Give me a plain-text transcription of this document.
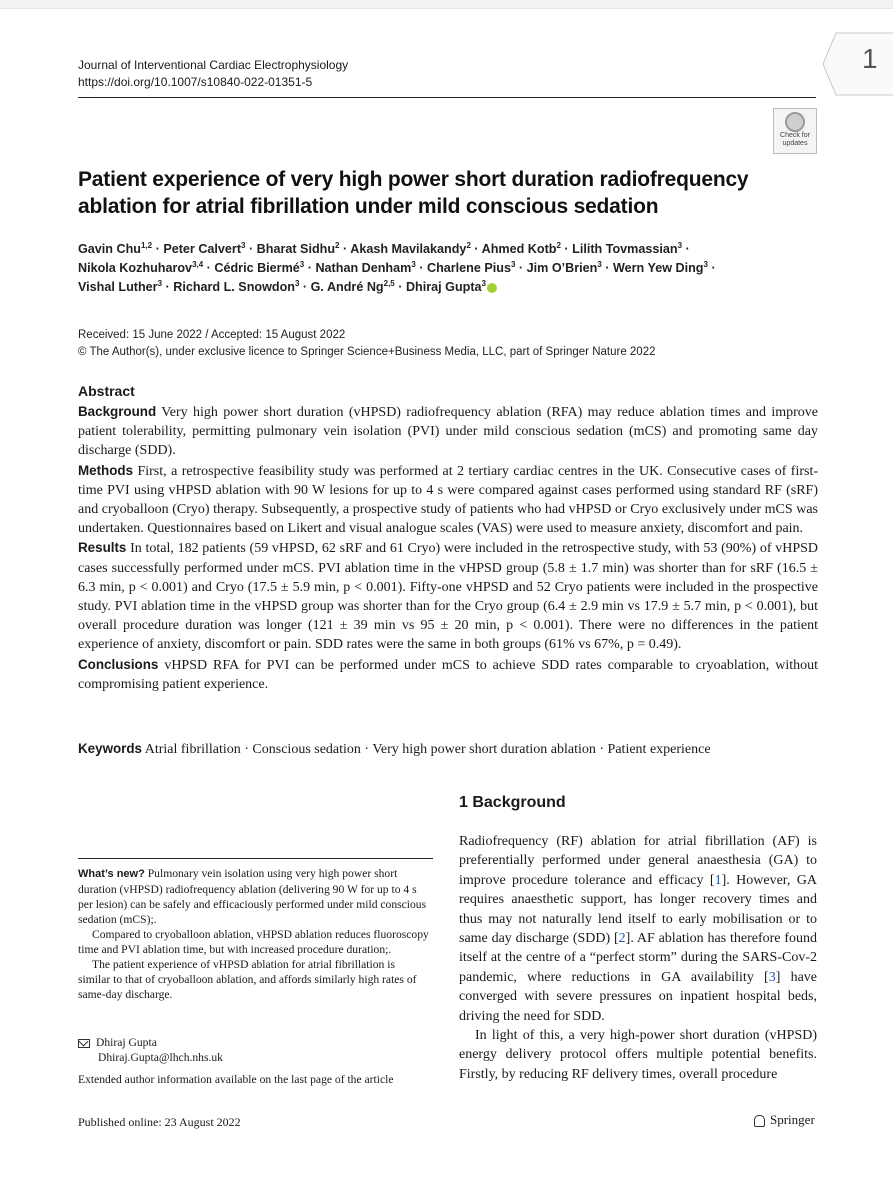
Journal of Interventional Cardiac Electrophysiology
https://doi.org/10.1007/s10840-022-01351-5
1
Check for updates
Patient experience of very high power short duration radiofrequency ablation for atrial fibrillation under mild conscious sedation
Gavin Chu$^{1,2}$ · Peter Calvert$^3$ · Bharat Sidhu$^2$ · Akash Mavilakandy$^2$ · Ahmed Kotb$^2$ · Lilith Tovmassian$^3$ ·
Nikola Kozhuharov$^{3,4}$ · Cédric Biermé$^3$ · Nathan Denham$^3$ · Charlene Pius$^3$ · Jim O’Brien$^3$ · Wern Yew Ding$^3$ ·
Vishal Luther$^3$ · Richard L. Snowdon$^3$ · G. André Ng$^{2,5}$ · Dhiraj Gupta$^3$
Received: 15 June 2022 / Accepted: 15 August 2022
© The Author(s), under exclusive licence to Springer Science+Business Media, LLC, part of Springer Nature 2022
Abstract

Background Very high power short duration (vHPSD) radiofrequency ablation (RFA) may reduce ablation times and improve patient tolerability, permitting pulmonary vein isolation (PVI) under mild conscious sedation (mCS) and promoting same day discharge (SDD).

Methods First, a retrospective feasibility study was performed at 2 tertiary cardiac centres in the UK. Consecutive cases of first-time PVI using vHPSD ablation with 90 W lesions for up to 4 s were compared against cases performed using standard RF (sRF) and cryoballoon (Cryo) therapy. Subsequently, a prospective study of patients who had vHPSD or Cryo exclusively under mCS was undertaken. Questionnaires based on Likert and visual analogue scales (VAS) were used to measure anxiety, discomfort and pain.

Results In total, 182 patients (59 vHPSD, 62 sRF and 61 Cryo) were included in the retrospective study, with 53 (90%) of vHPSD cases successfully performed under mCS. PVI ablation time in the vHPSD group (5.8 ± 1.7 min) was shorter than for sRF (16.5 ± 6.3 min, p < 0.001) and Cryo (17.5 ± 5.9 min, p < 0.001). Fifty-one vHPSD and 52 Cryo patients were included in the prospective study. PVI ablation time in the vHPSD group was shorter than for the Cryo group (6.4 ± 2.9 min vs 17.9 ± 5.7 min, p < 0.001), but overall procedure duration was longer (121 ± 39 min vs 95 ± 20 min, p < 0.001). There were no differences in the patient experience of anxiety, discomfort or pain. SDD rates were the same in both groups (61% vs 67%, p = 0.49).

Conclusions vHPSD RFA for PVI can be performed under mCS to achieve SDD rates comparable to cryoablation, without compromising patient experience.

Keywords Atrial fibrillation · Conscious sedation · Very high power short duration ablation · Patient experience
1 Background

Radiofrequency (RF) ablation for atrial fibrillation (AF) is preferentially performed under general anaesthesia (GA) to improve procedure tolerance and efficacy [1]. However, GA requires anaesthetic support, has longer recovery times and thus may not naturally lend itself to early mobilisation or to same day discharge (SDD) [2]. AF ablation has therefore found itself at the centre of a “perfect storm” during the SARS-Cov-2 pandemic, where reductions in GA availability [3] have converged with severe pressures on inpatient hospital beds, driving the need for SDD.

In light of this, a very high-power short duration (vHPSD) energy delivery protocol offers multiple potential benefits. Firstly, by reducing RF delivery times, overall procedure

What’s new? Pulmonary vein isolation using very high power short duration (vHPSD) radiofrequency ablation (delivering 90 W for up to 4 s per lesion) can be safely and efficaciously performed under mild conscious sedation (mCS);.

Compared to cryoballoon ablation, vHPSD ablation reduces fluoroscopy time and PVI ablation time, but with increased procedure duration;.

The patient experience of vHPSD ablation for atrial fibrillation is similar to that of cryoballoon ablation, and affords similarly high rates of same-day discharge.

Dhiraj Gupta
Dhiraj.Gupta@lhch.nhs.uk
Extended author information available on the last page of the article
Published online: 23 August 2022	Springer
